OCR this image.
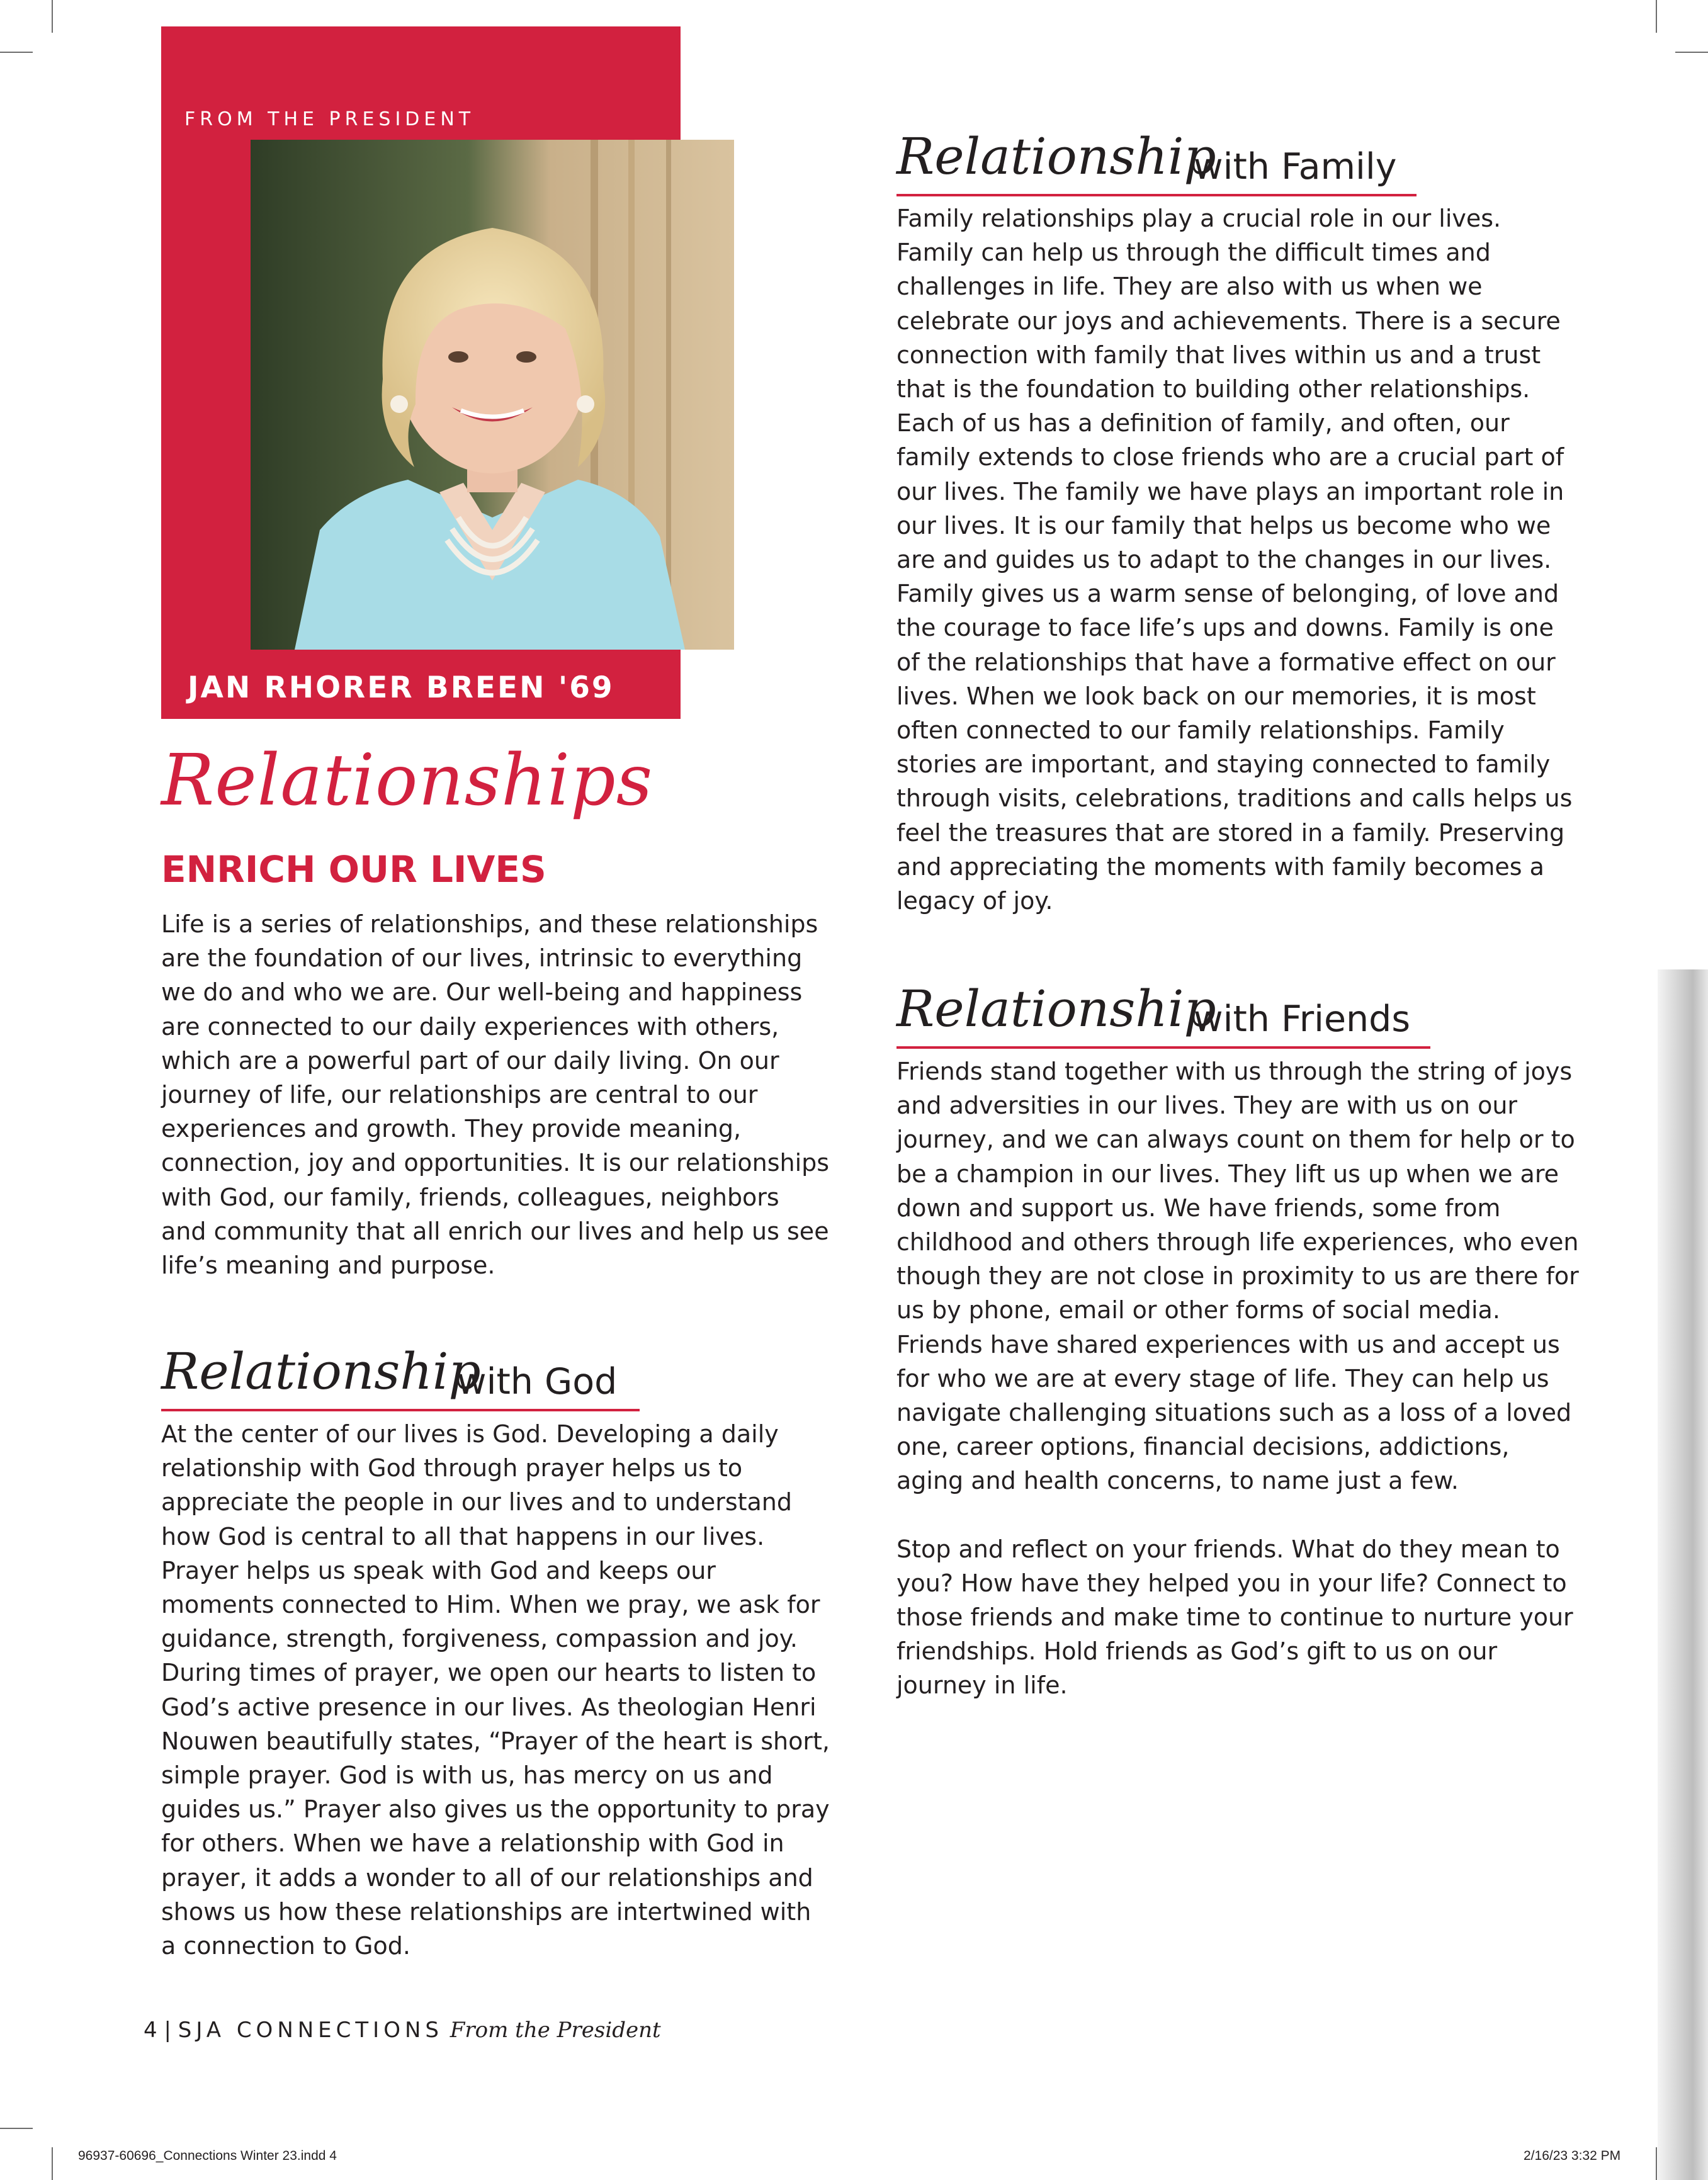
FROM THE PRESIDENT
JAN RHORER BREEN '69
Relationships
ENRICH OUR LIVES

Life is a series of relationships, and these relationships are the foundation of our lives, intrinsic to everything we do and who we are. Our well-being and happiness are connected to our daily experiences with others, which are a powerful part of our daily living. On our journey of life, our relationships are central to our experiences and growth. They provide meaning, connection, joy and opportunities. It is our relationships with God, our family, friends, colleagues, neighbors and community that all enrich our lives and help us see life’s meaning and purpose.

Relationship
with God

At the center of our lives is God. Developing a daily relationship with God through prayer helps us to appreciate the people in our lives and to understand how God is central to all that happens in our lives. Prayer helps us speak with God and keeps our moments connected to Him. When we pray, we ask for guidance, strength, forgiveness, compassion and joy. During times of prayer, we open our hearts to listen to God’s active presence in our lives. As theologian Henri Nouwen beautifully states, “Prayer of the heart is short, simple prayer. God is with us, has mercy on us and guides us.” Prayer also gives us the opportunity to pray for others. When we have a relationship with God in prayer, it adds a wonder to all of our relationships and shows us how these relationships are intertwined with a connection to God.

Relationship
with Family

Family relationships play a crucial role in our lives. Family can help us through the difficult times and challenges in life. They are also with us when we celebrate our joys and achievements. There is a secure connection with family that lives within us and a trust that is the foundation to building other relationships. Each of us has a definition of family, and often, our family extends to close friends who are a crucial part of our lives. The family we have plays an important role in our lives. It is our family that helps us become who we are and guides us to adapt to the changes in our lives. Family gives us a warm sense of belonging, of love and the courage to face life’s ups and downs. Family is one of the relationships that have a formative effect on our lives. When we look back on our memories, it is most often connected to our family relationships. Family stories are important, and staying connected to family through visits, celebrations, traditions and calls helps us feel the treasures that are stored in a family. Preserving and appreciating the moments with family becomes a legacy of joy.

Relationship
with Friends

Friends stand together with us through the string of joys and adversities in our lives. They are with us on our journey, and we can always count on them for help or to be a champion in our lives. They lift us up when we are down and support us. We have friends, some from childhood and others through life experiences, who even though they are not close in proximity to us are there for us by phone, email or other forms of social media. Friends have shared experiences with us and accept us for who we are at every stage of life. They can help us navigate challenging situations such as a loss of a loved one, career options, financial decisions, addictions, aging and health concerns, to name just a few.

Stop and reflect on your friends. What do they mean to you? How have they helped you in your life? Connect to those friends and make time to continue to nurture your friendships. Hold friends as God’s gift to us on our journey in life.

4 | SJA CONNECTIONS From the President
96937-60696_Connections Winter 23.indd 4	2/16/23 3:32 PM
